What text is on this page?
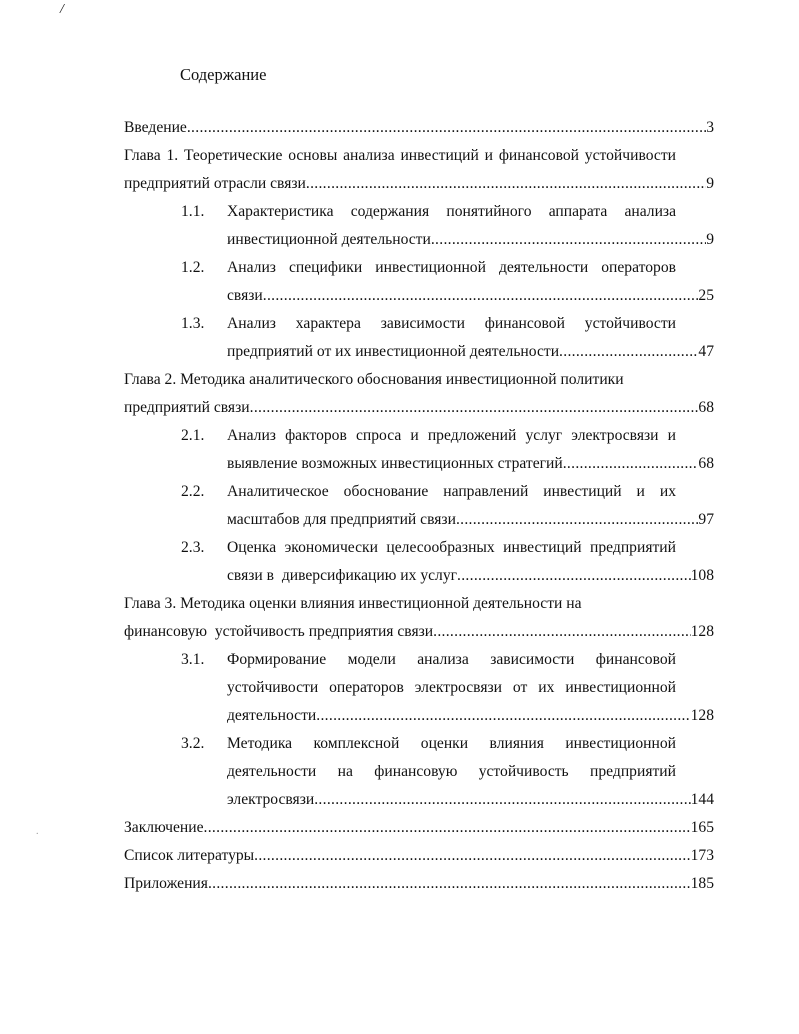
/
.
Содержание
Введение .....	3
Глава 1. Теоретические основы анализа инвестиций и финансовой устойчивости
предприятий отрасли связи .....	9
1.1.	Характеристика содержания понятийного аппарата анализа
инвестиционной деятельности .....	9
1.2.	Анализ специфики инвестиционной деятельности операторов
связи .....	25
1.3.	Анализ характера зависимости финансовой устойчивости
предприятий от их инвестиционной деятельности .....	47
Глава 2. Методика аналитического обоснования инвестиционной политики
предприятий связи .....	68
2.1.	Анализ факторов спроса и предложений услуг электросвязи и
выявление возможных инвестиционных стратегий .....	68
2.2.	Аналитическое обоснование направлений инвестиций и их
масштабов для предприятий связи .....	97
2.3.	Оценка экономически целесообразных инвестиций предприятий
связи в  диверсификацию их услуг .....	108
Глава 3. Методика оценки влияния инвестиционной деятельности на
финансовую  устойчивость предприятия связи .....	128
3.1.	Формирование модели анализа зависимости финансовой
устойчивости операторов электросвязи от их инвестиционной
деятельности .....	128
3.2.	Методика комплексной оценки влияния инвестиционной
деятельности на финансовую устойчивость предприятий
электросвязи .....	144
Заключение .....	165
Список литературы .....	173
Приложения .....	185
